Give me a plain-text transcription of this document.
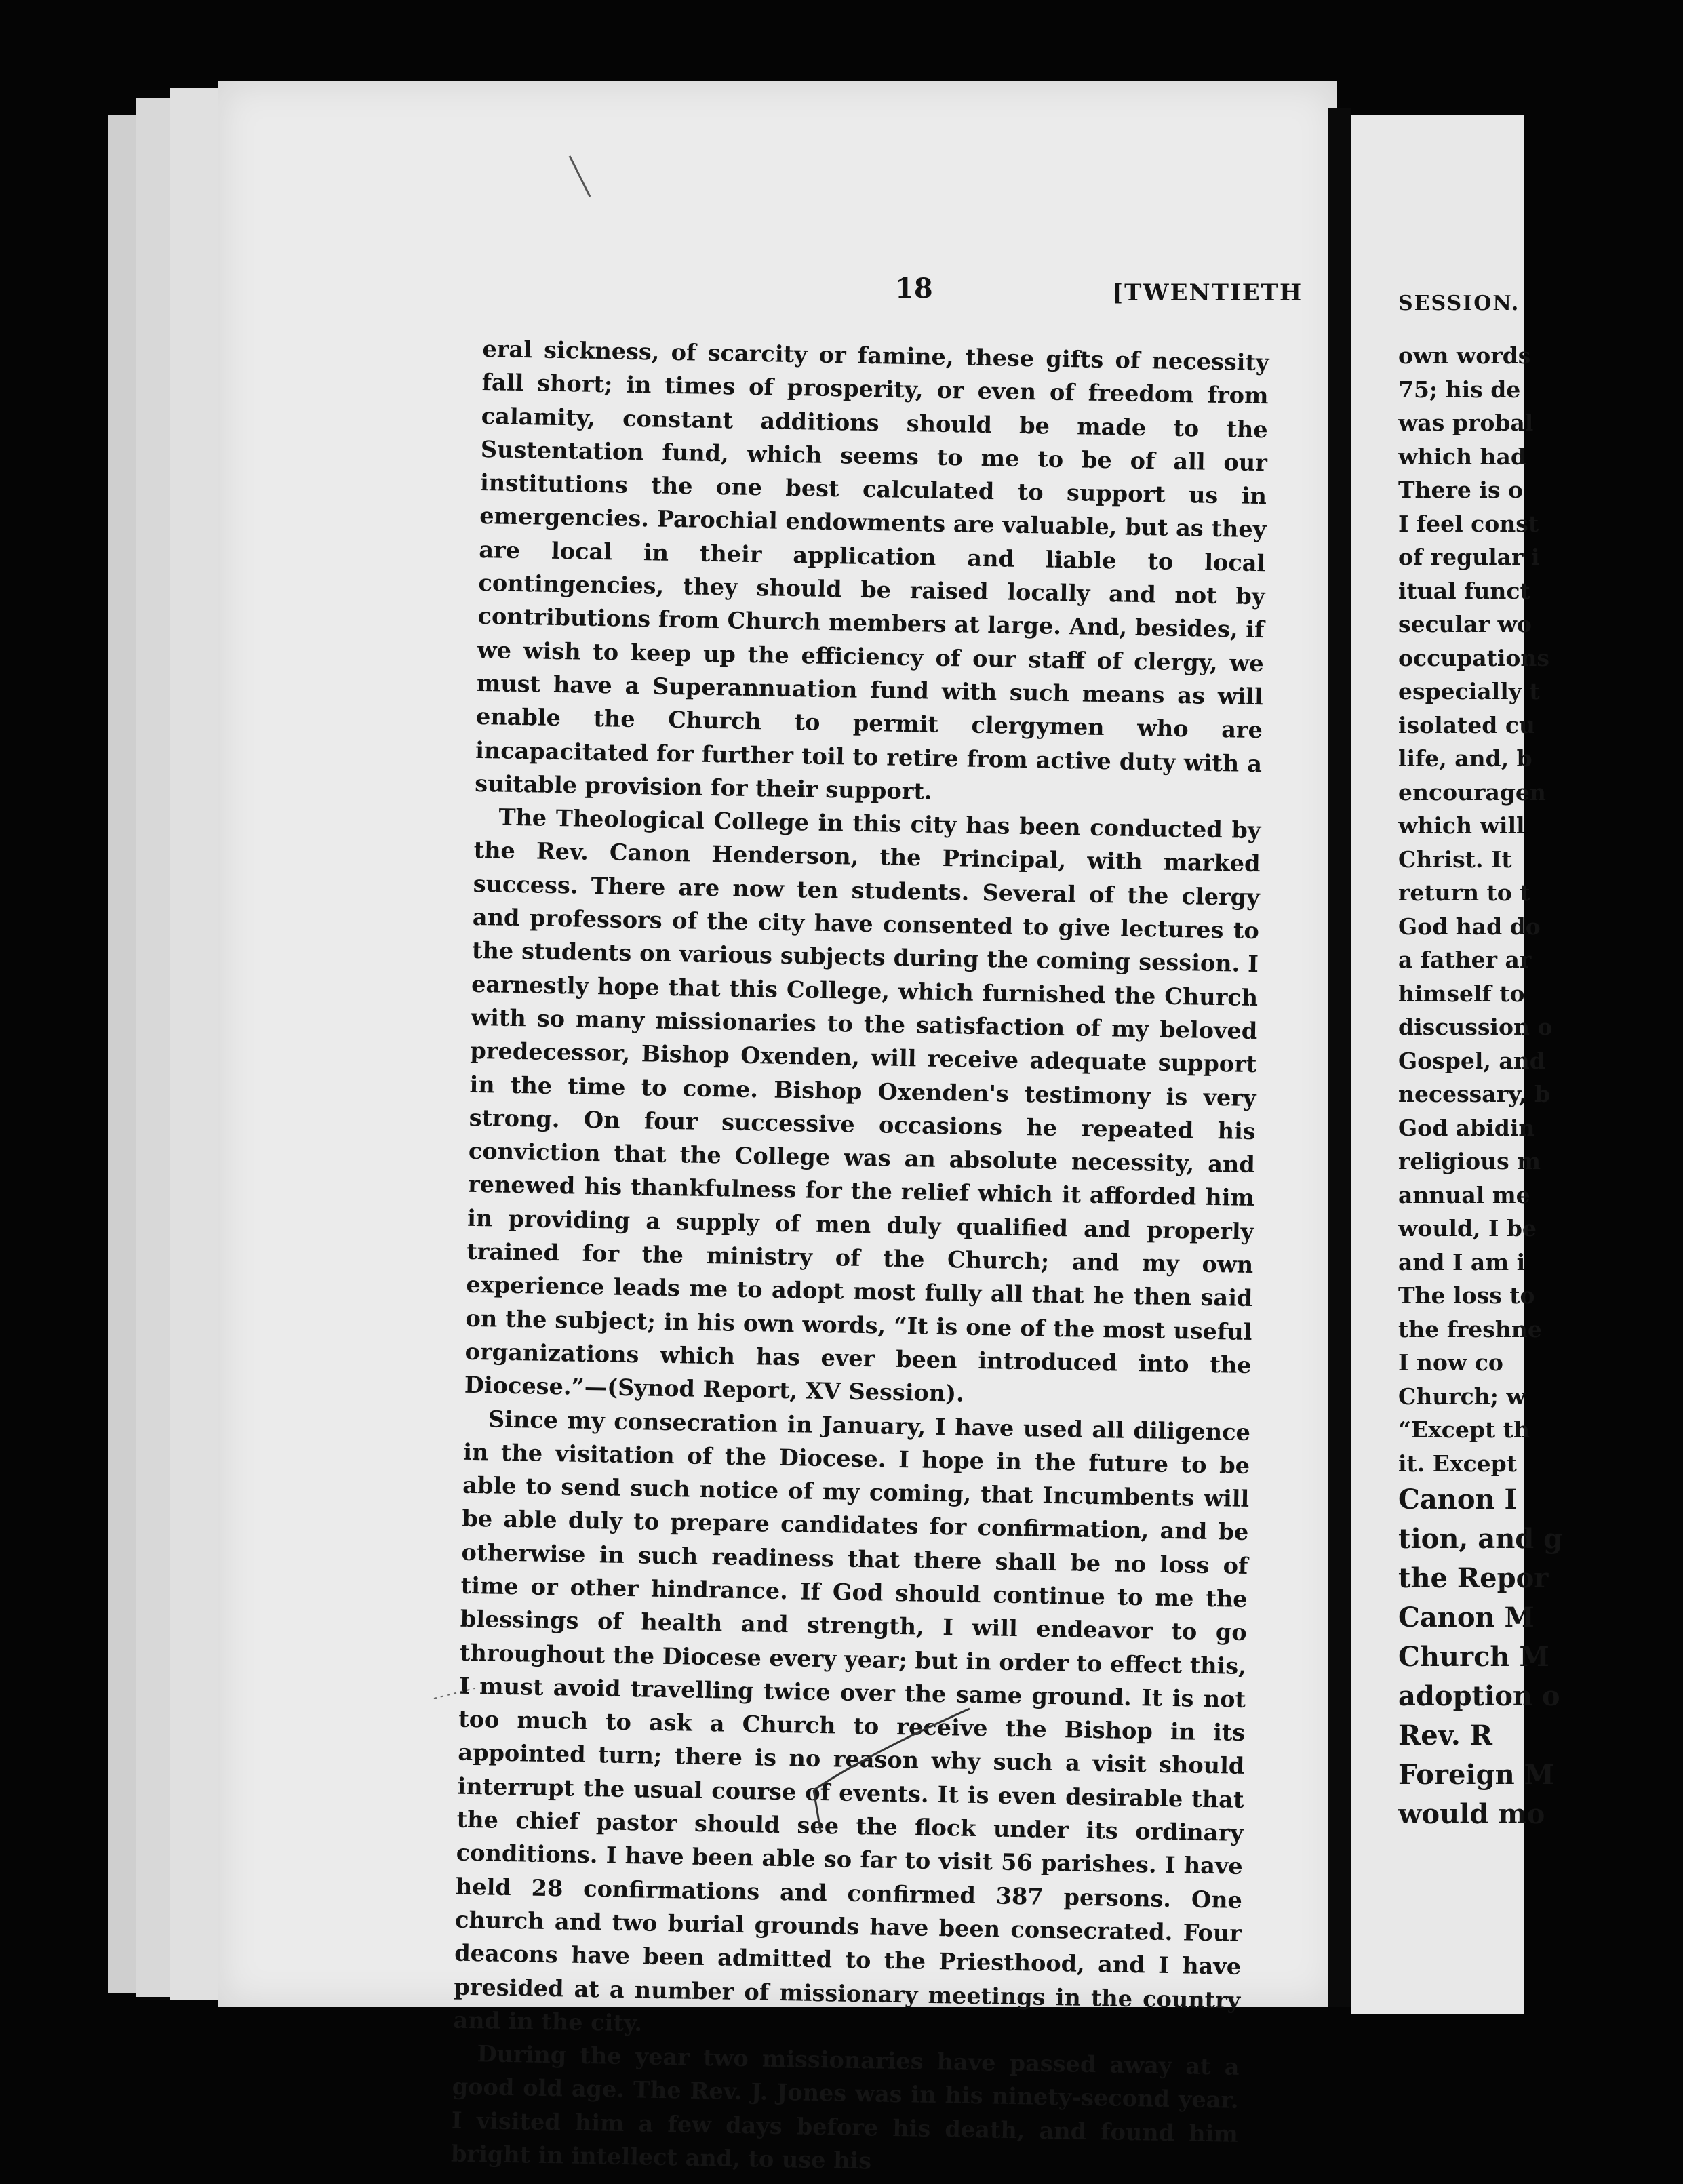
18	[TWENTIETH

eral sickness, of scarcity or famine, these gifts of necessity fall short; in times of prosperity, or even of freedom from calamity, constant additions should be made to the Sustentation fund, which seems to me to be of all our institutions the one best calculated to support us in emergencies. Parochial endowments are valuable, but as they are local in their application and liable to local contingencies, they should be raised locally and not by contributions from Church members at large. And, besides, if we wish to keep up the efficiency of our staff of clergy, we must have a Superannuation fund with such means as will enable the Church to permit clergymen who are incapacitated for further toil to retire from active duty with a suitable provision for their support.

The Theological College in this city has been conducted by the Rev. Canon Henderson, the Principal, with marked success. There are now ten students. Several of the clergy and professors of the city have consented to give lectures to the students on various subjects during the coming session. I earnestly hope that this College, which furnished the Church with so many missionaries to the satisfaction of my beloved predecessor, Bishop Oxenden, will receive adequate support in the time to come. Bishop Oxenden's testimony is very strong. On four successive occasions he repeated his conviction that the College was an absolute necessity, and renewed his thankfulness for the relief which it afforded him in providing a supply of men duly qualified and properly trained for the ministry of the Church; and my own experience leads me to adopt most fully all that he then said on the subject; in his own words, “It is one of the most useful organizations which has ever been introduced into the Diocese.”—(Synod Report, XV Session).

Since my consecration in January, I have used all diligence in the visitation of the Diocese. I hope in the future to be able to send such notice of my coming, that Incumbents will be able duly to prepare candidates for confirmation, and be otherwise in such readiness that there shall be no loss of time or other hindrance. If God should continue to me the blessings of health and strength, I will endeavor to go throughout the Diocese every year; but in order to effect this, I must avoid travelling twice over the same ground. It is not too much to ask a Church to receive the Bishop in its appointed turn; there is no reason why such a visit should interrupt the usual course of events. It is even desirable that the chief pastor should see the flock under its ordinary conditions. I have been able so far to visit 56 parishes. I have held 28 confirmations and confirmed 387 persons. One church and two burial grounds have been consecrated. Four deacons have been admitted to the Priesthood, and I have presided at a number of missionary meetings in the country and in the city.

During the year two missionaries have passed away at a good old age. The Rev. J. Jones was in his ninety-second year. I visited him a few days before his death, and found him bright in intellect and, to use his

SESSION.
own words
75; his de
was probal
which had
There is o
I feel const
of regular i
itual funct
secular wo
occupations
especially t
isolated cu
life, and, b
encouragen
which will
Christ. It
return to t
God had do
a father ar
himself to
discussion o
Gospel, and
necessary, b
God abidin
religious m
annual me
would, I be
and I am i
The loss to
the freshne
I now co
Church; w
“Except th
it. Except
Canon I
tion, and g
the Repor
Canon M
Church M
adoption o
Rev. R
Foreign M
would mo
